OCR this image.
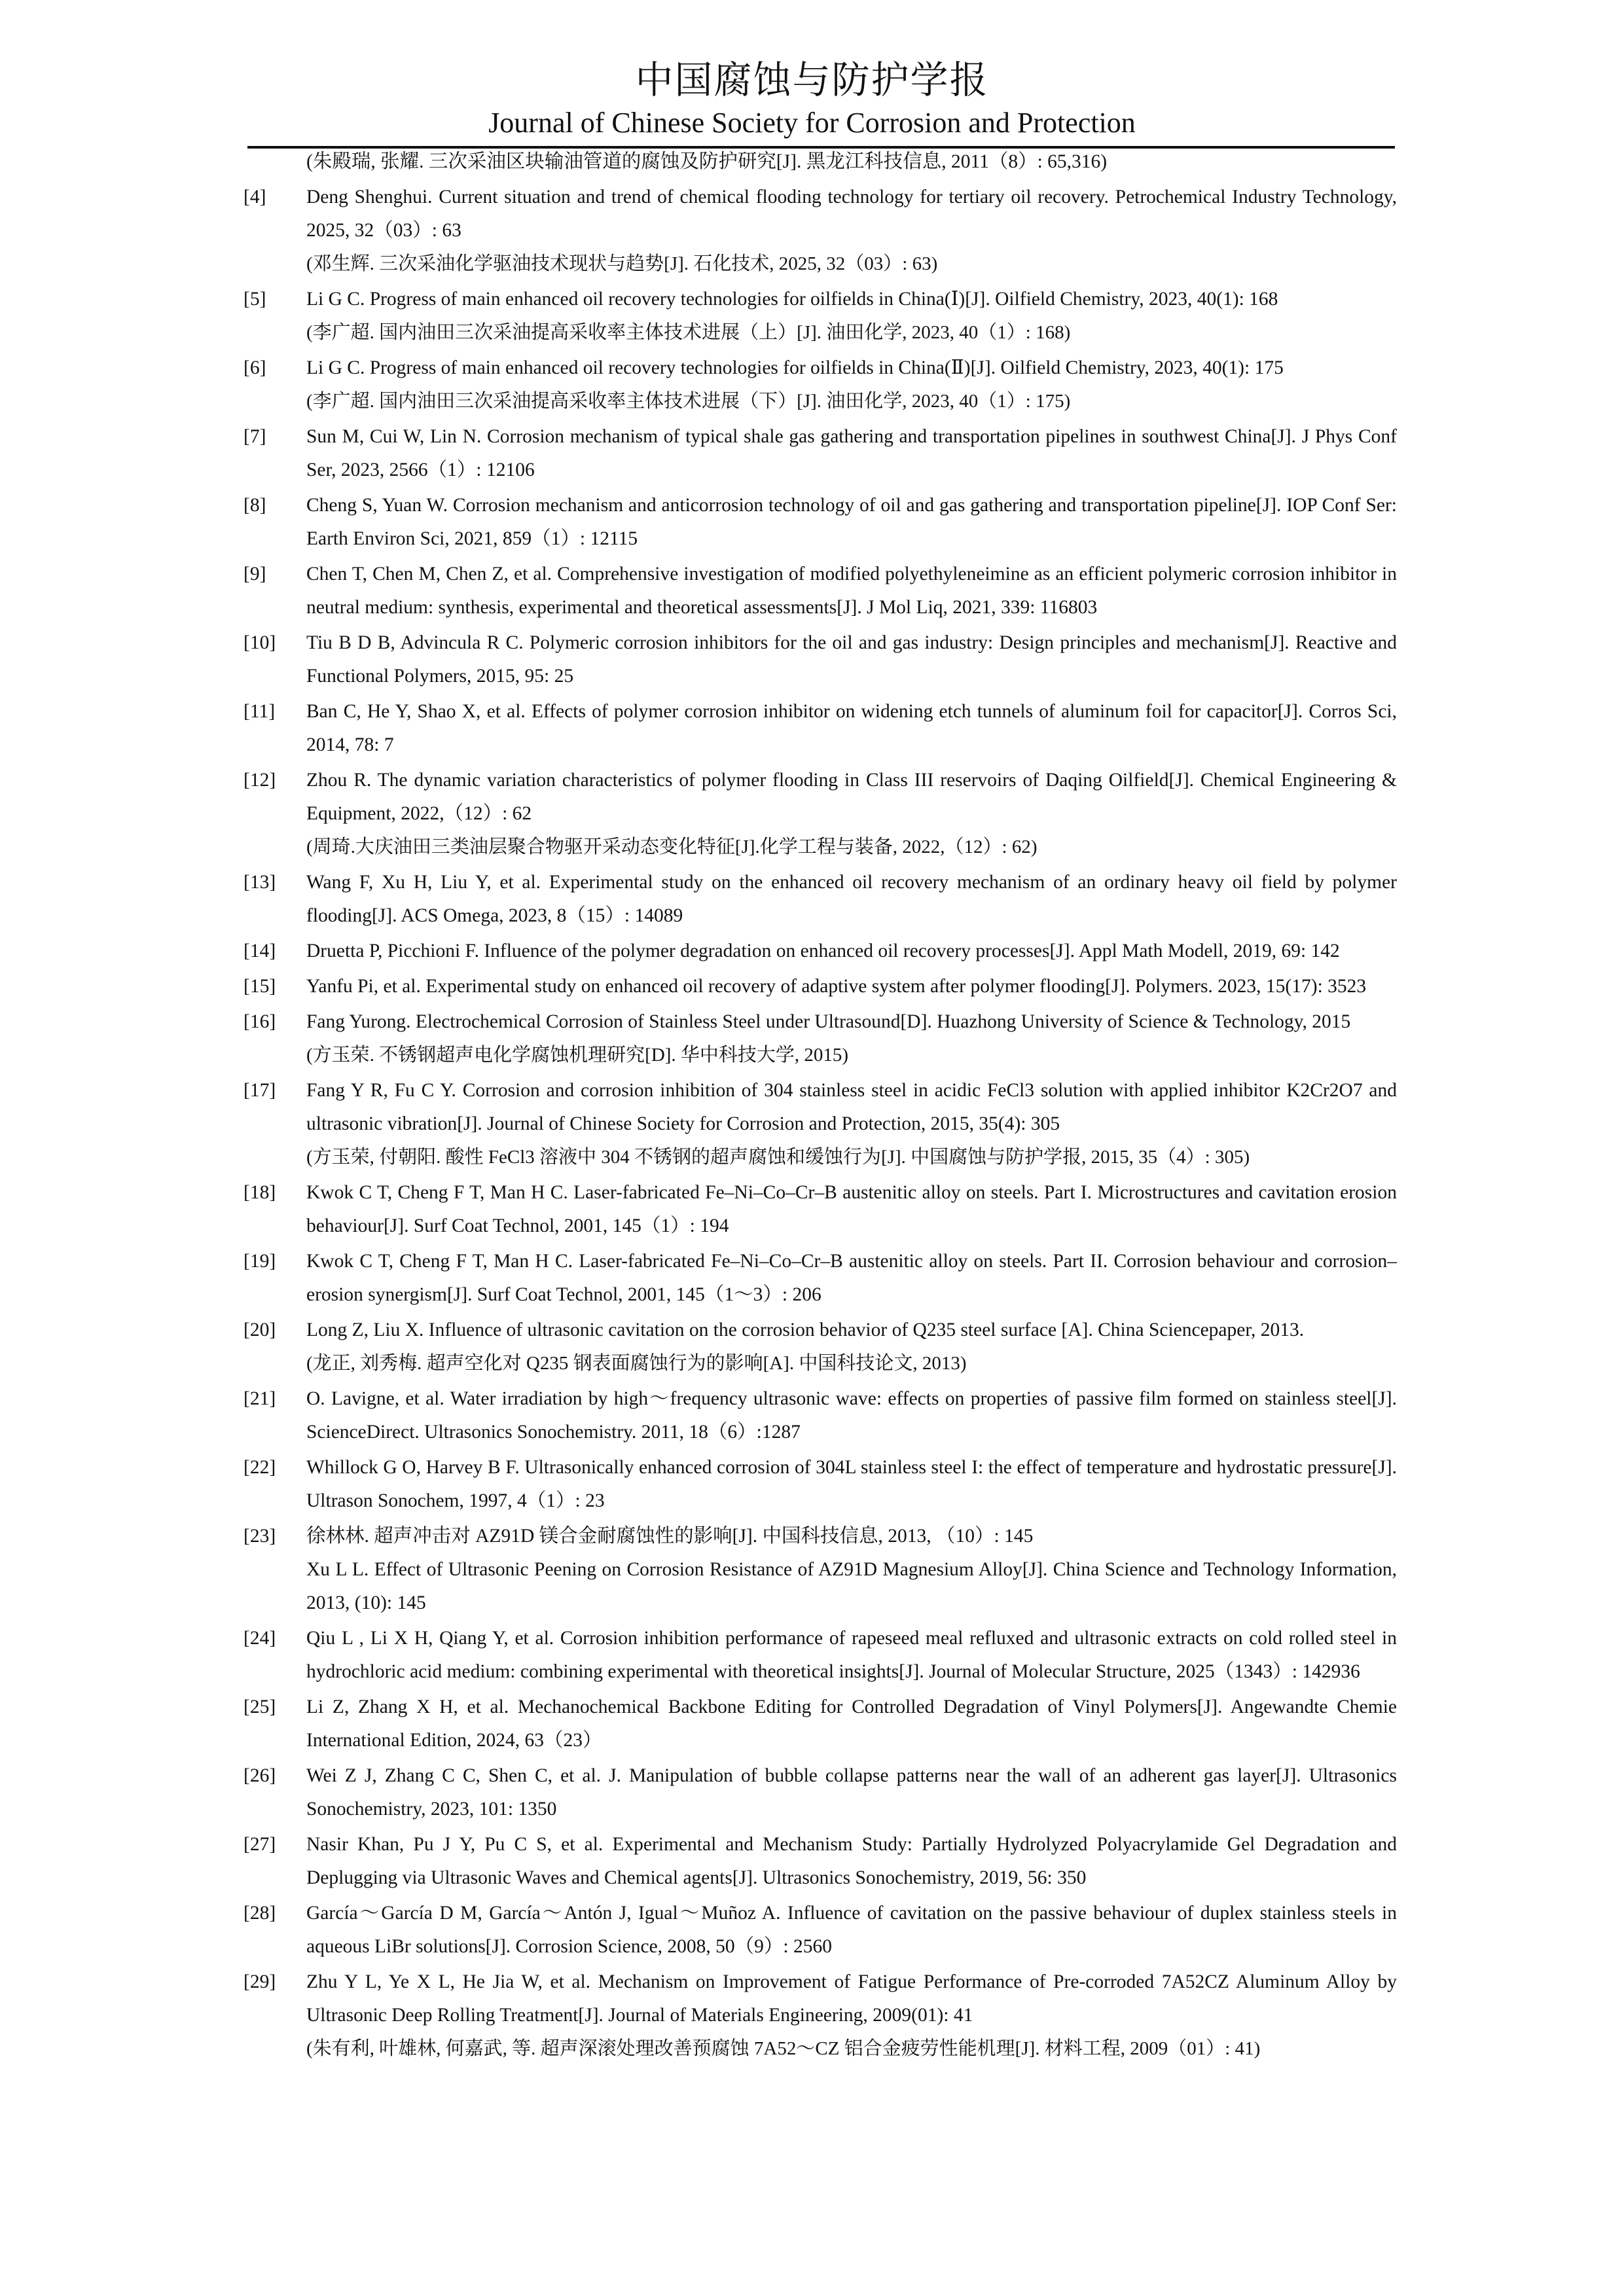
中国腐蚀与防护学报
Journal of Chinese Society for Corrosion and Protection
(朱殿瑞, 张耀. 三次采油区块输油管道的腐蚀及防护研究[J]. 黑龙江科技信息, 2011（8）: 65,316)
[4]	Deng Shenghui. Current situation and trend of chemical flooding technology for tertiary oil recovery. Petrochemical Industry Technology, 2025, 32（03）: 63
(邓生辉. 三次采油化学驱油技术现状与趋势[J]. 石化技术, 2025, 32（03）: 63)
[5]	Li G C. Progress of main enhanced oil recovery technologies for oilfields in China(Ⅰ)[J]. Oilfield Chemistry, 2023, 40(1): 168
(李广超. 国内油田三次采油提高采收率主体技术进展（上）[J]. 油田化学, 2023, 40（1）: 168)
[6]	Li G C. Progress of main enhanced oil recovery technologies for oilfields in China(Ⅱ)[J]. Oilfield Chemistry, 2023, 40(1): 175
(李广超. 国内油田三次采油提高采收率主体技术进展（下）[J]. 油田化学, 2023, 40（1）: 175)
[7]	Sun M, Cui W, Lin N. Corrosion mechanism of typical shale gas gathering and transportation pipelines in southwest China[J]. J Phys Conf Ser, 2023, 2566（1）: 12106
[8]	Cheng S, Yuan W. Corrosion mechanism and anticorrosion technology of oil and gas gathering and transportation pipeline[J]. IOP Conf Ser: Earth Environ Sci, 2021, 859（1）: 12115
[9]	Chen T, Chen M, Chen Z, et al. Comprehensive investigation of modified polyethyleneimine as an efficient polymeric corrosion inhibitor in neutral medium: synthesis, experimental and theoretical assessments[J]. J Mol Liq, 2021, 339: 116803
[10]	Tiu B D B, Advincula R C. Polymeric corrosion inhibitors for the oil and gas industry: Design principles and mechanism[J]. Reactive and Functional Polymers, 2015, 95: 25
[11]	Ban C, He Y, Shao X, et al. Effects of polymer corrosion inhibitor on widening etch tunnels of aluminum foil for capacitor[J]. Corros Sci, 2014, 78: 7
[12]	Zhou R. The dynamic variation characteristics of polymer flooding in Class III reservoirs of Daqing Oilfield[J]. Chemical Engineering & Equipment, 2022,（12）: 62
(周琦.大庆油田三类油层聚合物驱开采动态变化特征[J].化学工程与装备, 2022,（12）: 62)
[13]	Wang F, Xu H, Liu Y, et al. Experimental study on the enhanced oil recovery mechanism of an ordinary heavy oil field by polymer flooding[J]. ACS Omega, 2023, 8（15）: 14089
[14]	Druetta P, Picchioni F. Influence of the polymer degradation on enhanced oil recovery processes[J]. Appl Math Modell, 2019, 69: 142
[15]	Yanfu Pi, et al. Experimental study on enhanced oil recovery of adaptive system after polymer flooding[J]. Polymers. 2023, 15(17): 3523
[16]	Fang Yurong. Electrochemical Corrosion of Stainless Steel under Ultrasound[D]. Huazhong University of Science & Technology, 2015
(方玉荣. 不锈钢超声电化学腐蚀机理研究[D]. 华中科技大学, 2015)
[17]	Fang Y R, Fu C Y. Corrosion and corrosion inhibition of 304 stainless steel in acidic FeCl3 solution with applied inhibitor K2Cr2O7 and ultrasonic vibration[J]. Journal of Chinese Society for Corrosion and Protection, 2015, 35(4): 305
(方玉荣, 付朝阳. 酸性 FeCl3 溶液中 304 不锈钢的超声腐蚀和缓蚀行为[J]. 中国腐蚀与防护学报, 2015, 35（4）: 305)
[18]	Kwok C T, Cheng F T, Man H C. Laser-fabricated Fe–Ni–Co–Cr–B austenitic alloy on steels. Part I. Microstructures and cavitation erosion behaviour[J]. Surf Coat Technol, 2001, 145（1）: 194
[19]	Kwok C T, Cheng F T, Man H C. Laser-fabricated Fe–Ni–Co–Cr–B austenitic alloy on steels. Part II. Corrosion behaviour and corrosion–erosion synergism[J]. Surf Coat Technol, 2001, 145（1～3）: 206
[20]	Long Z, Liu X. Influence of ultrasonic cavitation on the corrosion behavior of Q235 steel surface [A]. China Sciencepaper, 2013.
(龙正, 刘秀梅. 超声空化对 Q235 钢表面腐蚀行为的影响[A]. 中国科技论文, 2013)
[21]	O. Lavigne, et al. Water irradiation by high～frequency ultrasonic wave: effects on properties of passive film formed on stainless steel[J]. ScienceDirect. Ultrasonics Sonochemistry. 2011, 18（6）:1287
[22]	Whillock G O, Harvey B F. Ultrasonically enhanced corrosion of 304L stainless steel I: the effect of temperature and hydrostatic pressure[J]. Ultrason Sonochem, 1997, 4（1）: 23
[23]	徐林林. 超声冲击对 AZ91D 镁合金耐腐蚀性的影响[J]. 中国科技信息, 2013, （10）: 145
Xu L L. Effect of Ultrasonic Peening on Corrosion Resistance of AZ91D Magnesium Alloy[J]. China Science and Technology Information, 2013, (10): 145
[24]	Qiu L , Li X H, Qiang Y, et al. Corrosion inhibition performance of rapeseed meal refluxed and ultrasonic extracts on cold rolled steel in hydrochloric acid medium: combining experimental with theoretical insights[J]. Journal of Molecular Structure, 2025（1343）: 142936
[25]	Li Z, Zhang X H, et al. Mechanochemical Backbone Editing for Controlled Degradation of Vinyl Polymers[J]. Angewandte Chemie International Edition, 2024, 63（23）
[26]	Wei Z J, Zhang C C, Shen C, et al. J. Manipulation of bubble collapse patterns near the wall of an adherent gas layer[J]. Ultrasonics Sonochemistry, 2023, 101: 1350
[27]	Nasir Khan, Pu J Y, Pu C S, et al. Experimental and Mechanism Study: Partially Hydrolyzed Polyacrylamide Gel Degradation and Deplugging via Ultrasonic Waves and Chemical agents[J]. Ultrasonics Sonochemistry, 2019, 56: 350
[28]	García～García D M, García～Antón J, Igual～Muñoz A. Influence of cavitation on the passive behaviour of duplex stainless steels in aqueous LiBr solutions[J]. Corrosion Science, 2008, 50（9）: 2560
[29]	Zhu Y L, Ye X L, He Jia W, et al. Mechanism on Improvement of Fatigue Performance of Pre-corroded 7A52CZ Aluminum Alloy by Ultrasonic Deep Rolling Treatment[J]. Journal of Materials Engineering, 2009(01): 41
(朱有利, 叶雄林, 何嘉武, 等. 超声深滚处理改善预腐蚀 7A52～CZ 铝合金疲劳性能机理[J]. 材料工程, 2009（01）: 41)
